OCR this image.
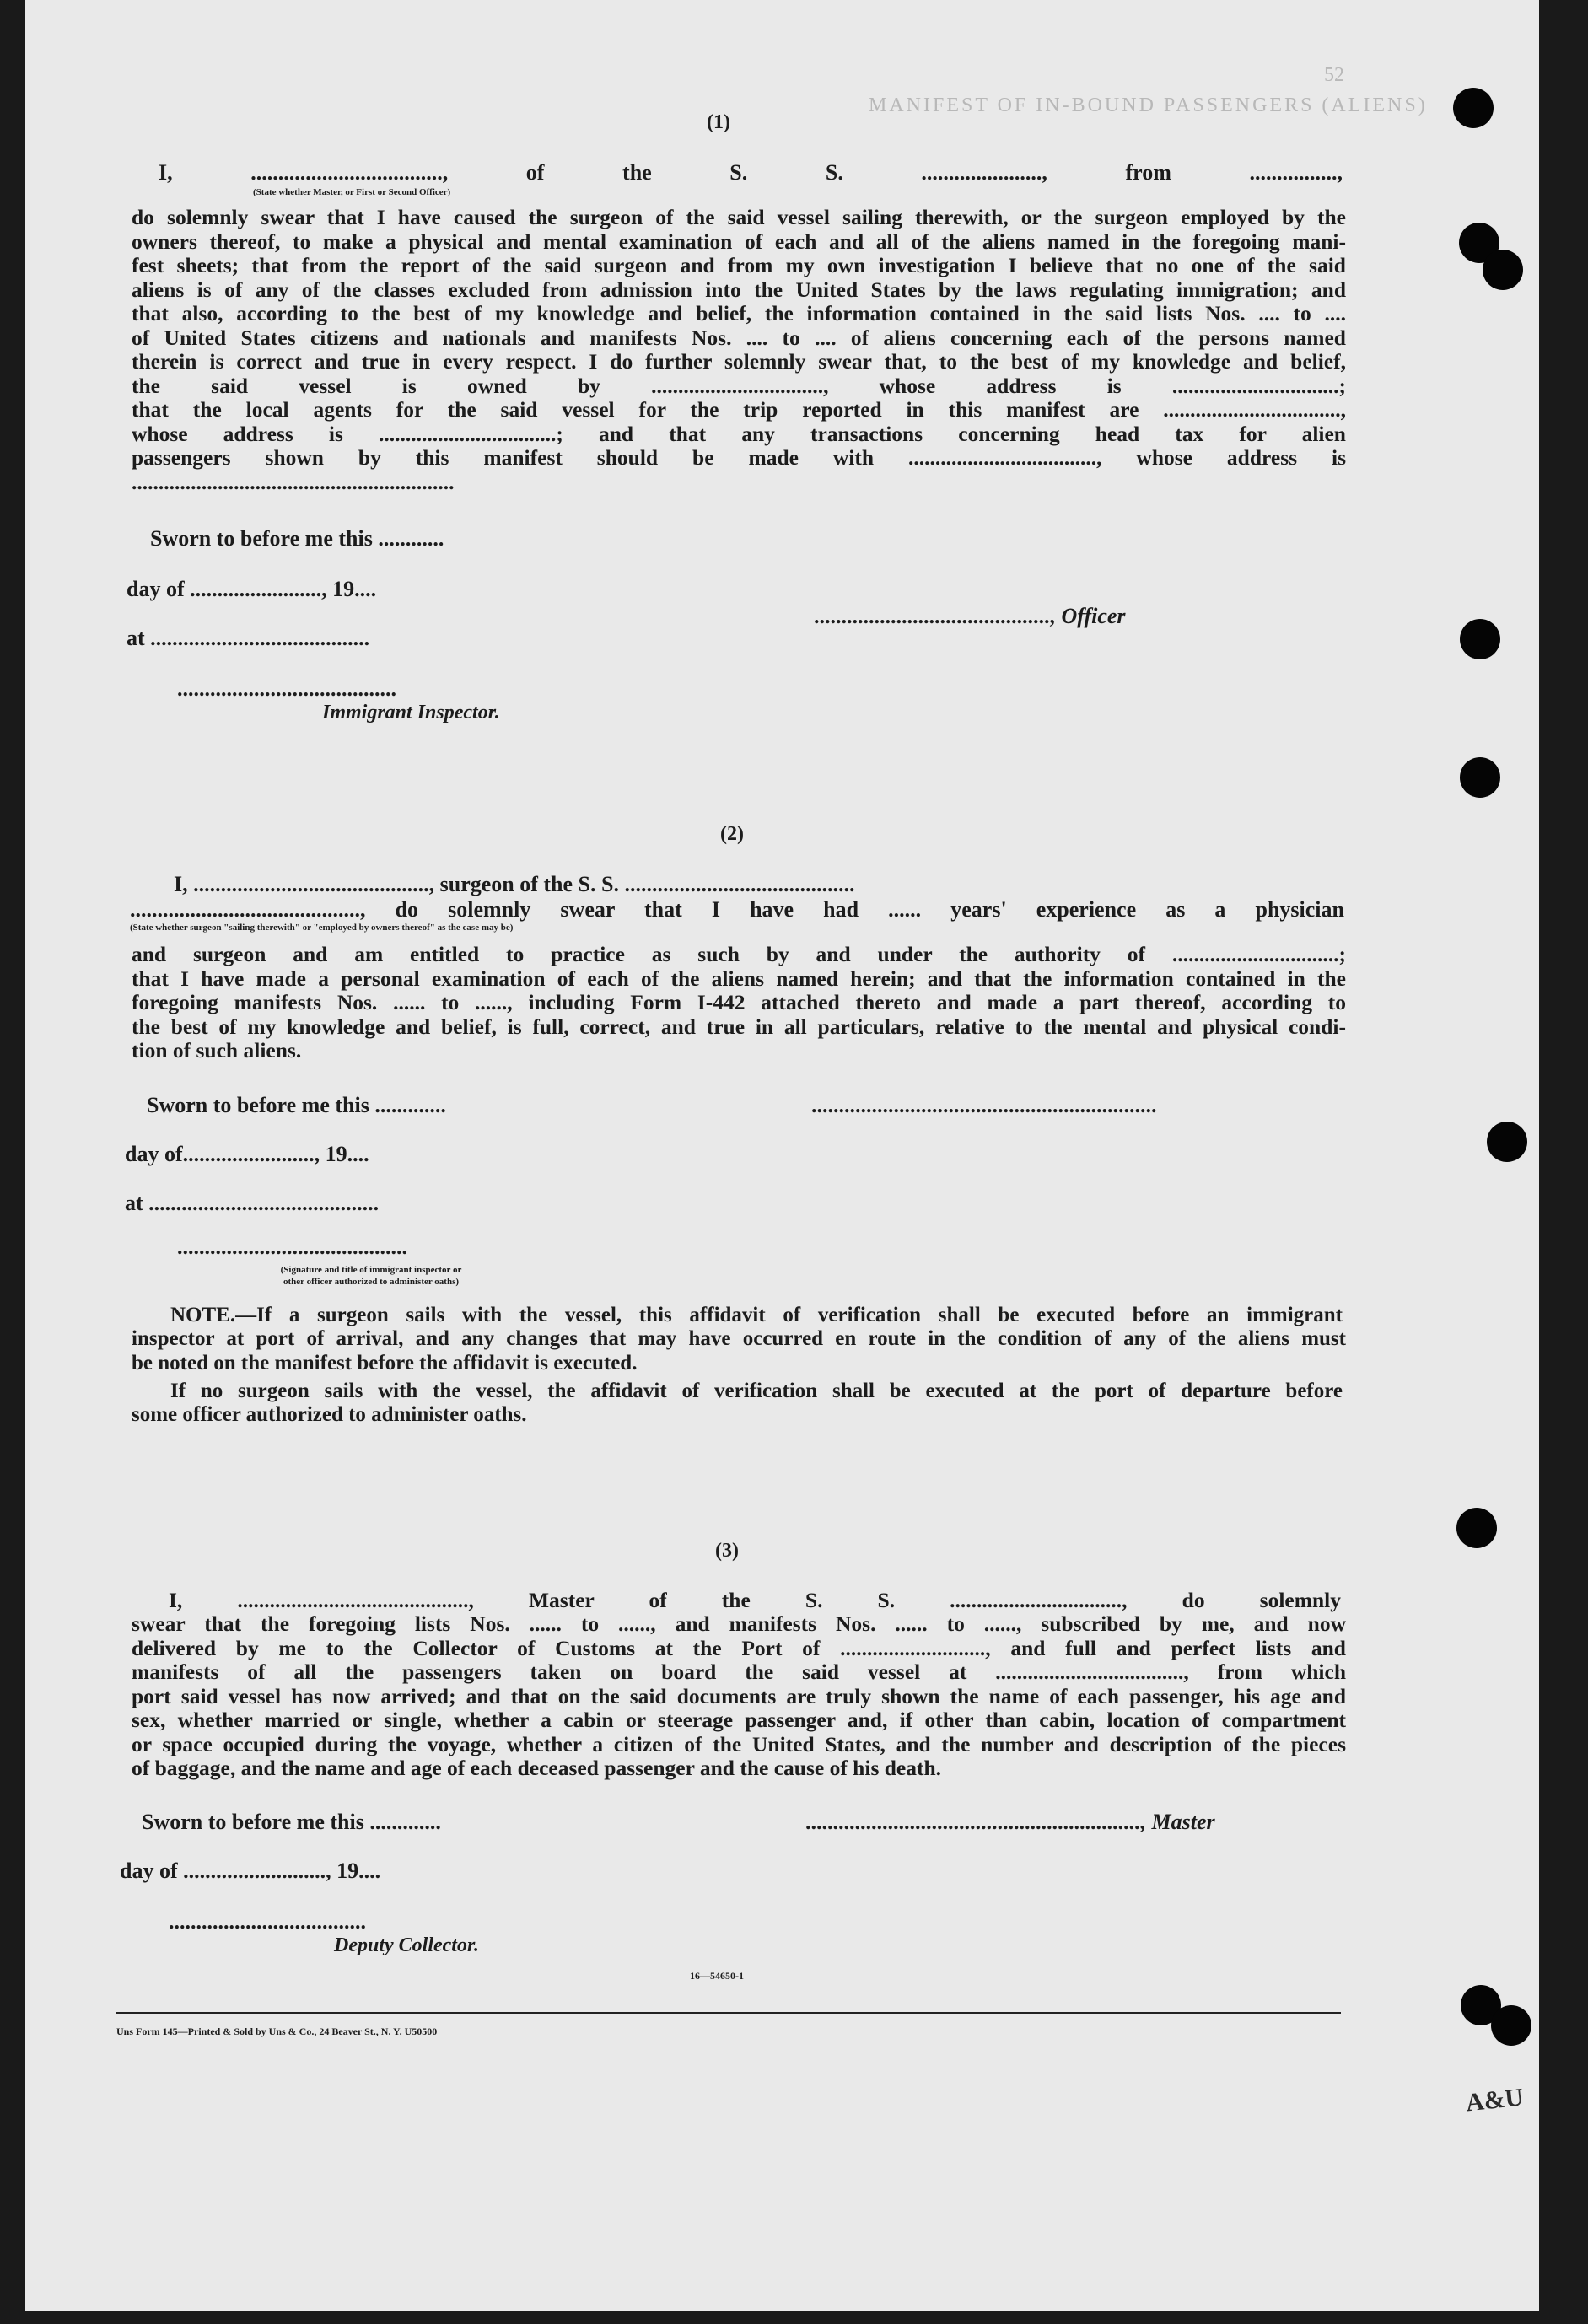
MANIFEST OF IN-BOUND PASSENGERS (ALIENS)
52
(1)
I, ..................................., of the S. S. ......................, from ................,
(State whether Master, or First or Second Officer)
do solemnly swear that I have caused the surgeon of the said vessel sailing therewith, or the surgeon employed by the
owners thereof, to make a physical and mental examination of each and all of the aliens named in the foregoing mani-
fest sheets; that from the report of the said surgeon and from my own investigation I believe that no one of the said
aliens is of any of the classes excluded from admission into the United States by the laws regulating immigration; and
that also, according to the best of my knowledge and belief, the information contained in the said lists Nos. .... to ....
of United States citizens and nationals and manifests Nos. .... to .... of aliens concerning each of the persons named
therein is correct and true in every respect. I do further solemnly swear that, to the best of my knowledge and belief,
the said vessel is owned by ................................, whose address is ...............................;
that the local agents for the said vessel for the trip reported in this manifest are .................................,
whose address is .................................; and that any transactions concerning head tax for alien
passengers shown by this manifest should be made with ..................................., whose address is
............................................................
Sworn to before me this ............
day of ........................, 19....
at ........................................
........................................
Immigrant Inspector.
..........................................., Officer
(2)
I, ..........................................., surgeon of the S. S. ..........................................
.........................................., do solemnly swear that I have had ...... years' experience as a physician
(State whether surgeon "sailing therewith" or "employed by owners thereof" as the case may be)
and surgeon and am entitled to practice as such by and under the authority of ...............................;
that I have made a personal examination of each of the aliens named herein; and that the information contained in the
foregoing manifests Nos. ...... to ......, including Form I-442 attached thereto and made a part thereof, according to
the best of my knowledge and belief, is full, correct, and true in all particulars, relative to the mental and physical condi-
tion of such aliens.
Sworn to before me this .............	...............................................................
day of........................, 19....
at ..........................................
..........................................
(Signature and title of immigrant inspector or
other officer authorized to administer oaths)
NOTE.—If a surgeon sails with the vessel, this affidavit of verification shall be executed before an immigrant
inspector at port of arrival, and any changes that may have occurred en route in the condition of any of the aliens must
be noted on the manifest before the affidavit is executed.
If no surgeon sails with the vessel, the affidavit of verification shall be executed at the port of departure before
some officer authorized to administer oaths.
(3)
I, ..........................................., Master of the S. S. ................................, do solemnly
swear that the foregoing lists Nos. ...... to ......, and manifests Nos. ...... to ......, subscribed by me, and now
delivered by me to the Collector of Customs at the Port of ..........................., and full and perfect lists and
manifests of all the passengers taken on board the said vessel at ..................................., from which
port said vessel has now arrived; and that on the said documents are truly shown the name of each passenger, his age and
sex, whether married or single, whether a cabin or steerage passenger and, if other than cabin, location of compartment
or space occupied during the voyage, whether a citizen of the United States, and the number and description of the pieces
of baggage, and the name and age of each deceased passenger and the cause of his death.
Sworn to before me this .............	............................................................., Master
day of .........................., 19....
....................................
Deputy Collector.
16—54650-1
Uns Form 145—Printed & Sold by Uns & Co., 24 Beaver St., N. Y. U50500
A&U
